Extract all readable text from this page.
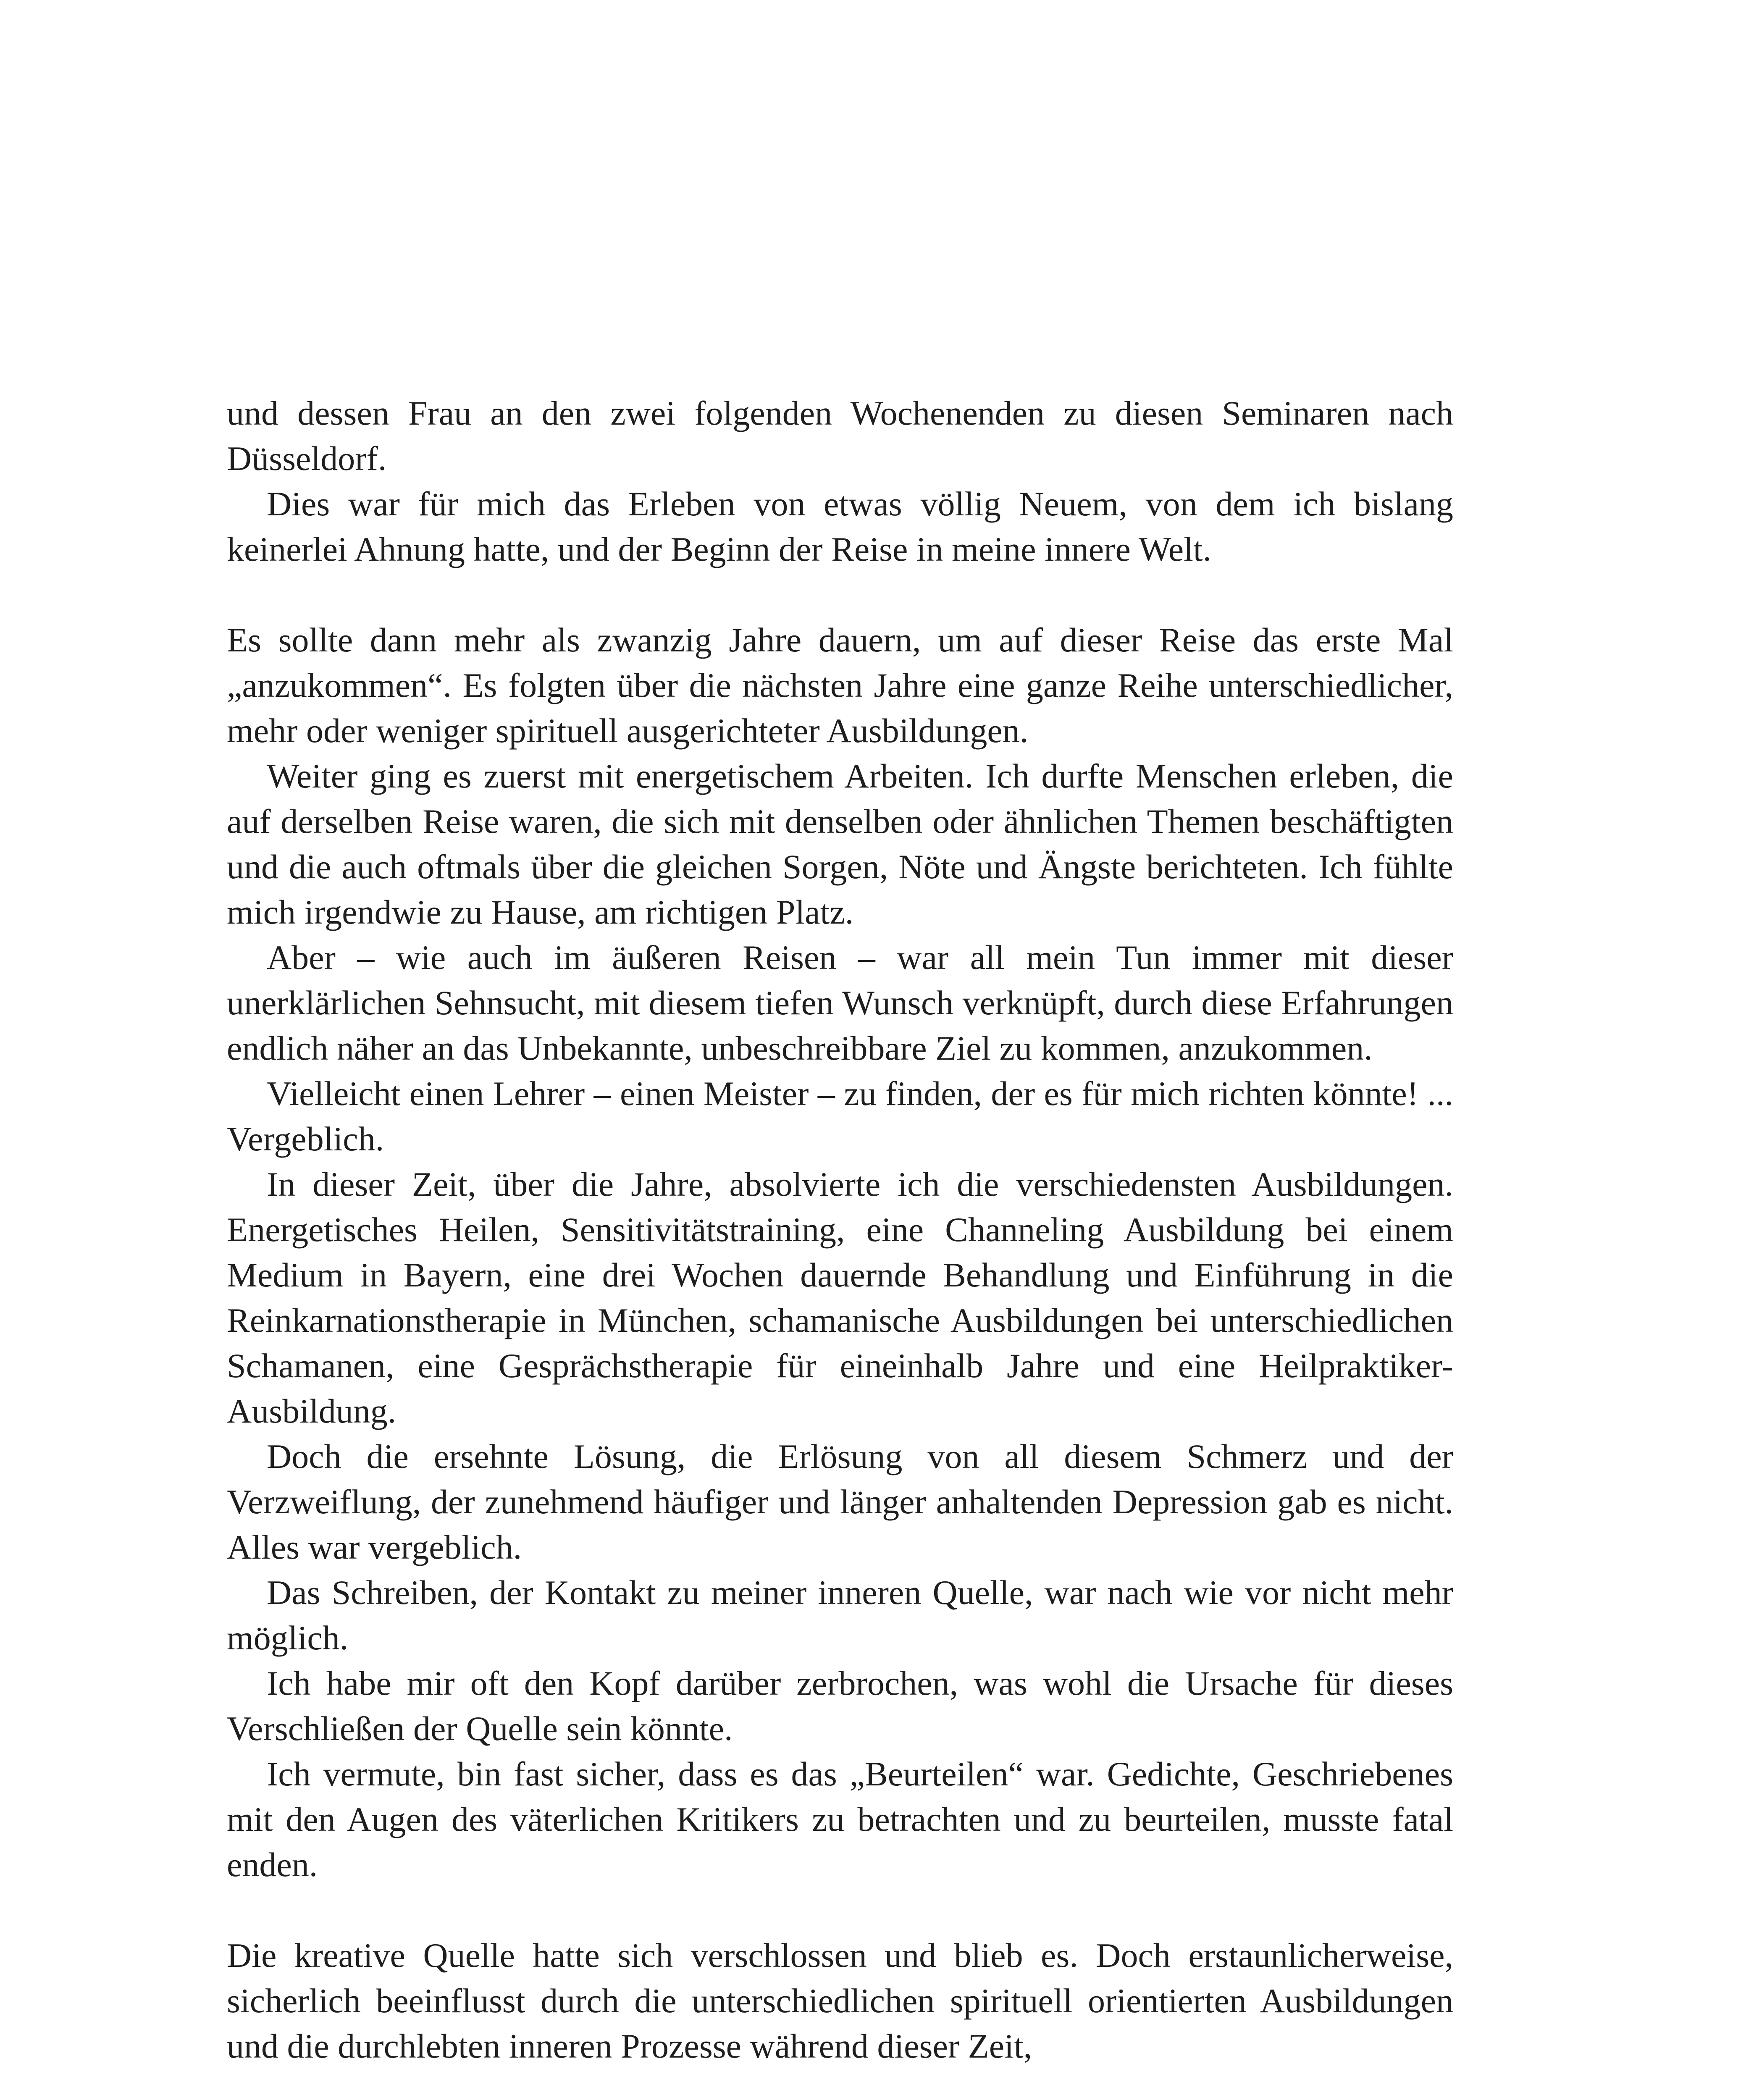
und dessen Frau an den zwei folgenden Wochenenden zu diesen Seminaren nach Düsseldorf.

Dies war für mich das Erleben von etwas völlig Neuem, von dem ich bislang keinerlei Ahnung hatte, und der Beginn der Reise in meine innere Welt.

Es sollte dann mehr als zwanzig Jahre dauern, um auf dieser Reise das erste Mal „anzukommen“. Es folgten über die nächsten Jahre eine ganze Reihe unterschiedlicher, mehr oder weniger spirituell ausgerichteter Ausbildungen.

Weiter ging es zuerst mit energetischem Arbeiten. Ich durfte Menschen erleben, die auf derselben Reise waren, die sich mit denselben oder ähnlichen Themen beschäftigten und die auch oftmals über die gleichen Sorgen, Nöte und Ängste berichteten. Ich fühlte mich irgendwie zu Hause, am richtigen Platz.

Aber – wie auch im äußeren Reisen – war all mein Tun immer mit dieser unerklärlichen Sehnsucht, mit diesem tiefen Wunsch verknüpft, durch diese Erfahrungen endlich näher an das Unbekannte, unbeschreibbare Ziel zu kommen, anzukommen.

Vielleicht einen Lehrer – einen Meister – zu finden, der es für mich richten könnte! ... Vergeblich.

In dieser Zeit, über die Jahre, absolvierte ich die verschiedensten Ausbildungen. Energetisches Heilen, Sensitivitätstraining, eine Channeling Ausbildung bei einem Medium in Bayern, eine drei Wochen dauernde Behandlung und Einführung in die Reinkarnationstherapie in München, schamanische Ausbildungen bei unterschiedlichen Schamanen, eine Gesprächstherapie für eineinhalb Jahre und eine Heilpraktiker-Ausbildung.

Doch die ersehnte Lösung, die Erlösung von all diesem Schmerz und der Verzweiflung, der zunehmend häufiger und länger anhaltenden Depression gab es nicht. Alles war vergeblich.

Das Schreiben, der Kontakt zu meiner inneren Quelle, war nach wie vor nicht mehr möglich.

Ich habe mir oft den Kopf darüber zerbrochen, was wohl die Ursache für dieses Verschließen der Quelle sein könnte.

Ich vermute, bin fast sicher, dass es das „Beurteilen“ war. Gedichte, Geschriebenes mit den Augen des väterlichen Kritikers zu betrachten und zu beurteilen, musste fatal enden.

Die kreative Quelle hatte sich verschlossen und blieb es. Doch erstaunlicherweise, sicherlich beeinflusst durch die unterschiedlichen spirituell orientierten Ausbildungen und die durchlebten inneren Prozesse während dieser Zeit,
